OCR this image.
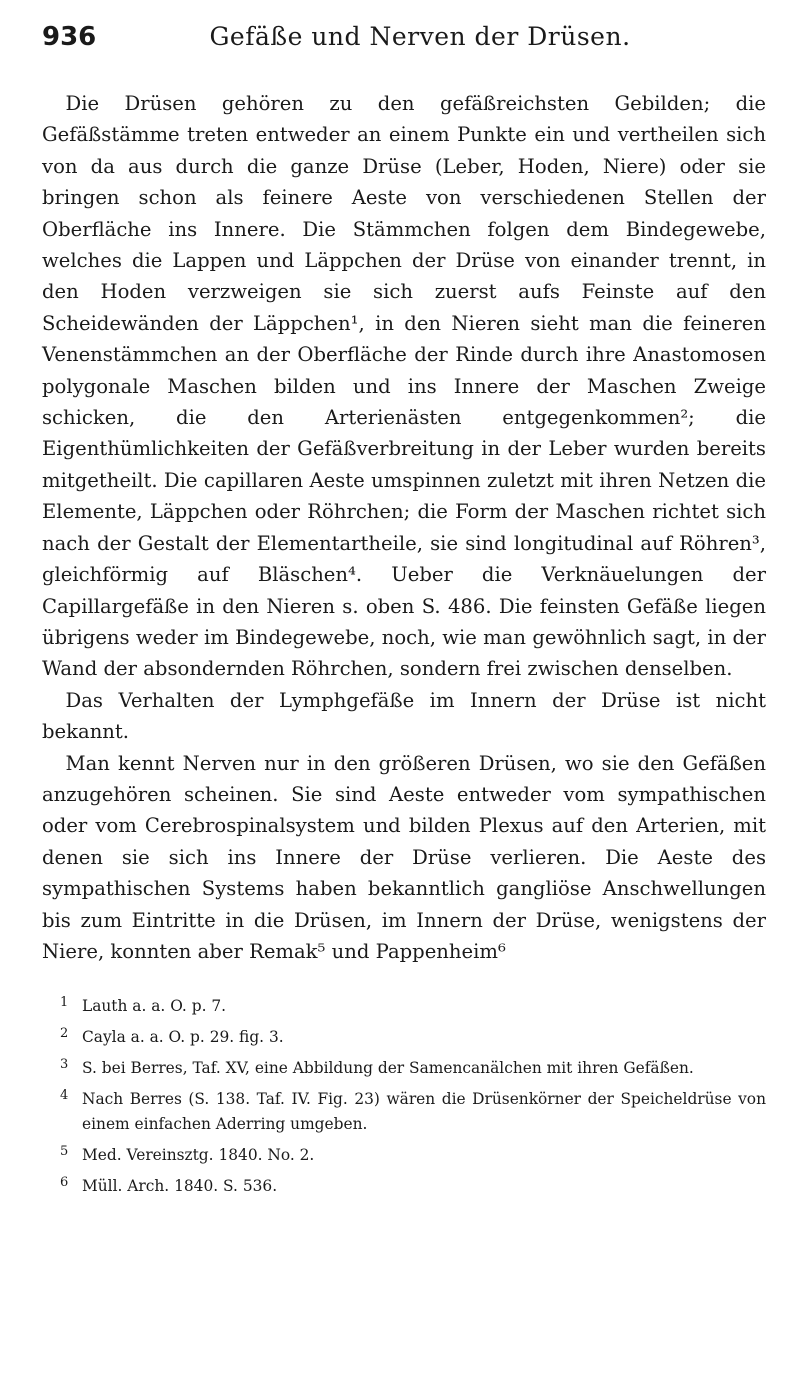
936	Gefäße und Nerven der Drüsen.

Die Drüsen gehören zu den gefäßreichsten Gebilden; die Gefäßstämme treten entweder an einem Punkte ein und vertheilen sich von da aus durch die ganze Drüse (Leber, Hoden, Niere) oder sie bringen schon als feinere Aeste von verschiedenen Stellen der Oberfläche ins Innere. Die Stämmchen folgen dem Bindegewebe, welches die Lappen und Läppchen der Drüse von einander trennt, in den Hoden verzweigen sie sich zuerst aufs Feinste auf den Scheidewänden der Läppchen¹, in den Nieren sieht man die feineren Venenstämmchen an der Oberfläche der Rinde durch ihre Anastomosen polygonale Maschen bilden und ins Innere der Maschen Zweige schicken, die den Arterienästen entgegenkommen²; die Eigenthümlichkeiten der Gefäßverbreitung in der Leber wurden bereits mitgetheilt. Die capillaren Aeste umspinnen zuletzt mit ihren Netzen die Elemente, Läppchen oder Röhrchen; die Form der Maschen richtet sich nach der Gestalt der Elementartheile, sie sind longitudinal auf Röhren³, gleichförmig auf Bläschen⁴. Ueber die Verknäuelungen der Capillargefäße in den Nieren s. oben S. 486. Die feinsten Gefäße liegen übrigens weder im Bindegewebe, noch, wie man gewöhnlich sagt, in der Wand der absondernden Röhrchen, sondern frei zwischen denselben.

Das Verhalten der Lymphgefäße im Innern der Drüse ist nicht bekannt.

Man kennt Nerven nur in den größeren Drüsen, wo sie den Gefäßen anzugehören scheinen. Sie sind Aeste entweder vom sympathischen oder vom Cerebrospinalsystem und bilden Plexus auf den Arterien, mit denen sie sich ins Innere der Drüse verlieren. Die Aeste des sympathischen Systems haben bekanntlich gangliöse Anschwellungen bis zum Eintritte in die Drüsen, im Innern der Drüse, wenigstens der Niere, konnten aber Remak⁵ und Pappenheim⁶

1 Lauth a. a. O. p. 7.
2 Cayla a. a. O. p. 29. fig. 3.
3 S. bei Berres, Taf. XV, eine Abbildung der Samencanälchen mit ihren Gefäßen.
4 Nach Berres (S. 138. Taf. IV. Fig. 23) wären die Drüsenkörner der Speicheldrüse von einem einfachen Aderring umgeben.
5 Med. Vereinsztg. 1840. No. 2.
6 Müll. Arch. 1840. S. 536.
